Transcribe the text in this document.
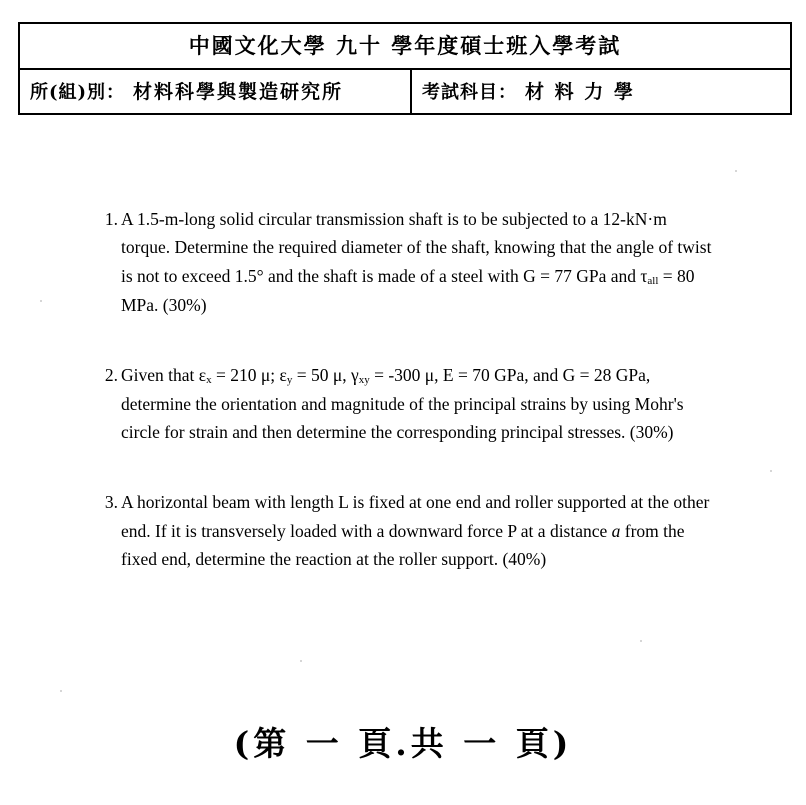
中國文化大學 九十 學年度碩士班入學考試
所(組)別： 材料科學與製造研究所	考試科目： 材 料 力 學
1. A 1.5-m-long solid circular transmission shaft is to be subjected to a 12-kN·m torque. Determine the required diameter of the shaft, knowing that the angle of twist is not to exceed 1.5° and the shaft is made of a steel with G = 77 GPa and $\tau_{all} = 80$ MPa. (30%)
2. Given that $\varepsilon_x = 210$ μ; $\varepsilon_y = 50$ μ, $\gamma_{xy} = -300$ μ, E = 70 GPa, and G = 28 GPa, determine the orientation and magnitude of the principal strains by using Mohr's circle for strain and then determine the corresponding principal stresses. (30%)
3. A horizontal beam with length L is fixed at one end and roller supported at the other end. If it is transversely loaded with a downward force P at a distance a from the fixed end, determine the reaction at the roller support. (40%)
(第 一 頁.共 一 頁)
